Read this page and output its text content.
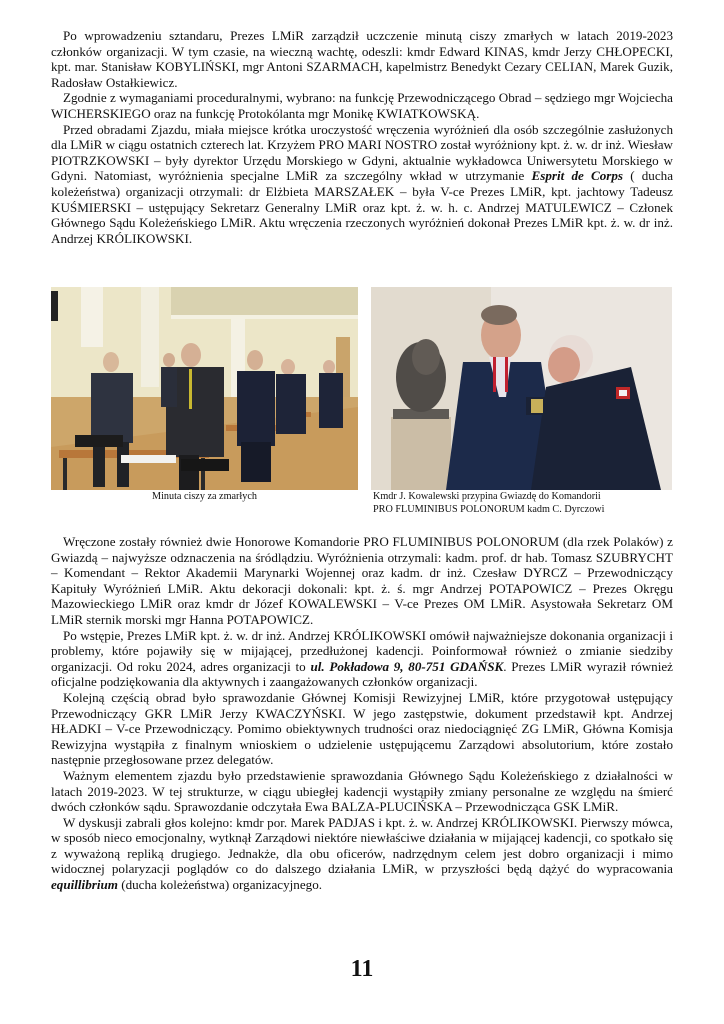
Po wprowadzeniu sztandaru, Prezes LMiR zarządził uczczenie minutą ciszy zmarłych w latach 2019-2023 członków organizacji. W tym czasie, na wieczną wachtę, odeszli: kmdr Edward KINAS, kmdr Jerzy CHŁOPECKI, kpt. mar. Stanisław KOBYLIŃSKI, mgr Antoni SZARMACH, kapelmistrz Benedykt Cezary CELIAN, Marek Guzik, Radosław Ostałkiewicz.

Zgodnie z wymaganiami proceduralnymi, wybrano: na funkcję Przewodniczącego Obrad – sędziego mgr Wojciecha WICHERSKIEGO oraz na funkcję Protokólanta mgr Monikę KWIATKOWSKĄ.

Przed obradami Zjazdu, miała miejsce krótka uroczystość wręczenia wyróżnień dla osób szczególnie zasłużonych dla LMiR w ciągu ostatnich czterech lat. Krzyżem PRO MARI NOSTRO został wyróżniony kpt. ż. w. dr inż. Wiesław PIOTRZKOWSKI – były dyrektor Urzędu Morskiego w Gdyni, aktualnie wykładowca Uniwersytetu Morskiego w Gdyni. Natomiast, wyróżnienia specjalne LMiR za szczególny wkład w utrzymanie Esprit de Corps ( ducha koleżeństwa) organizacji otrzymali: dr Elżbieta MARSZAŁEK – była V-ce Prezes LMiR, kpt. jachtowy Tadeusz KUŚMIERSKI – ustępujący Sekretarz Generalny LMiR oraz kpt. ż. w. h. c. Andrzej MATULEWICZ – Członek Głównego Sądu Koleżeńskiego LMiR. Aktu wręczenia rzeczonych wyróżnień dokonał Prezes LMiR kpt. ż. w. dr inż. Andrzej KRÓLIKOWSKI.

Minuta ciszy za zmarłych	Kmdr J. Kowalewski przypina Gwiazdę do Komandorii
PRO FLUMINIBUS POLONORUM kadm C. Dyrczowi

Wręczone zostały również dwie Honorowe Komandorie PRO FLUMINIBUS POLONORUM (dla rzek Polaków) z Gwiazdą – najwyższe odznaczenia na śródlądziu. Wyróżnienia otrzymali: kadm. prof. dr hab. Tomasz SZUBRYCHT – Komendant – Rektor Akademii Marynarki Wojennej oraz kadm. dr inż. Czesław DYRCZ – Przewodniczący Kapituły Wyróżnień LMiR. Aktu dekoracji dokonali: kpt. ż. ś. mgr Andrzej POTAPOWICZ – Prezes Okręgu Mazowieckiego LMiR oraz kmdr dr Józef KOWALEWSKI – V-ce Prezes OM LMiR. Asystowała Sekretarz OM LMiR sternik morski mgr Hanna POTAPOWICZ.

Po wstępie, Prezes LMiR kpt. ż. w. dr inż. Andrzej KRÓLIKOWSKI omówił najważniejsze dokonania organizacji i problemy, które pojawiły się w mijającej, przedłużonej kadencji. Poinformował również o zmianie siedziby organizacji. Od roku 2024, adres organizacji to ul. Pokładowa 9, 80-751 GDAŃSK. Prezes LMiR wyraził również oficjalne podziękowania dla aktywnych i zaangażowanych członków organizacji.

Kolejną częścią obrad było sprawozdanie Głównej Komisji Rewizyjnej LMiR, które przygotował ustępujący Przewodniczący GKR LMiR Jerzy KWACZYŃSKI. W jego zastępstwie, dokument przedstawił kpt. Andrzej HŁADKI – V-ce Przewodniczący. Pomimo obiektywnych trudności oraz niedociągnięć ZG LMiR, Główna Komisja Rewizyjna wystąpiła z finalnym wnioskiem o udzielenie ustępującemu Zarządowi absolutorium, które zostało następnie przegłosowane przez delegatów.

Ważnym elementem zjazdu było przedstawienie sprawozdania Głównego Sądu Koleżeńskiego z działalności w latach 2019-2023. W tej strukturze, w ciągu ubiegłej kadencji wystąpiły zmiany personalne ze względu na śmierć dwóch członków sądu. Sprawozdanie odczytała Ewa BALZA-PLUCIŃSKA – Przewodnicząca GSK LMiR.

W dyskusji zabrali głos kolejno: kmdr por. Marek PADJAS i kpt. ż. w. Andrzej KRÓLIKOWSKI. Pierwszy mówca, w sposób nieco emocjonalny, wytknął Zarządowi niektóre niewłaściwe działania w mijającej kadencji, co spotkało się z wyważoną repliką drugiego. Jednakże, dla obu oficerów, nadrzędnym celem jest dobro organizacji i mimo widocznej polaryzacji poglądów co do dalszego działania LMiR, w przyszłości będą dążyć do wypracowania equillibrium (ducha koleżeństwa) organizacyjnego.

11
